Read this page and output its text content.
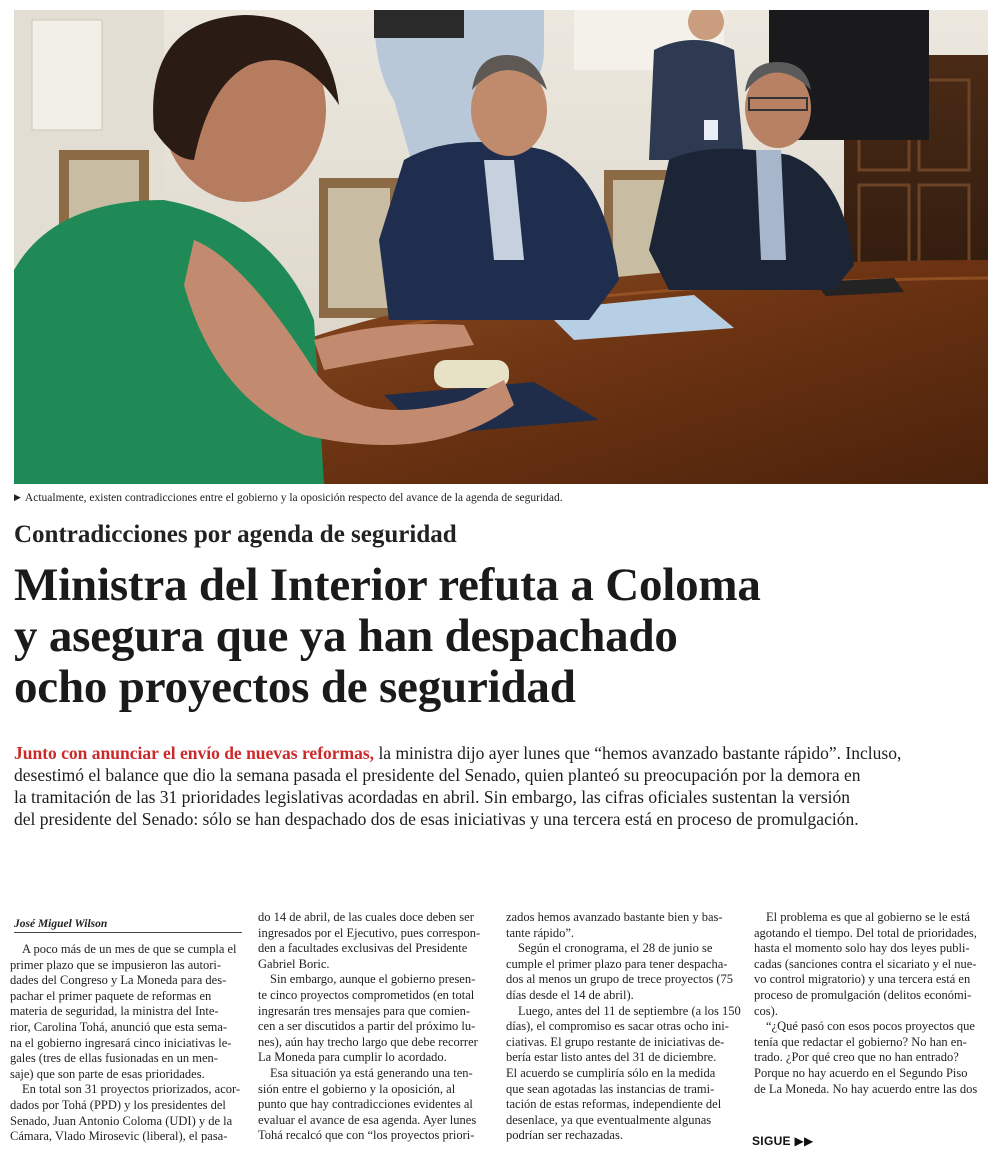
▶ Actualmente, existen contradicciones entre el gobierno y la oposición respecto del avance de la agenda de seguridad.
Contradicciones por agenda de seguridad
Ministra del Interior refuta a Coloma
y asegura que ya han despachado
ocho proyectos de seguridad
Junto con anunciar el envío de nuevas reformas, la ministra dijo ayer lunes que “hemos avanzado bastante rápido”. Incluso,
desestimó el balance que dio la semana pasada el presidente del Senado, quien planteó su preocupación por la demora en
la tramitación de las 31 prioridades legislativas acordadas en abril. Sin embargo, las cifras oficiales sustentan la versión
del presidente del Senado: sólo se han despachado dos de esas iniciativas y una tercera está en proceso de promulgación.
José Miguel Wilson
A poco más de un mes de que se cumpla el
primer plazo que se impusieron las autori-
dades del Congreso y La Moneda para des-
pachar el primer paquete de reformas en
materia de seguridad, la ministra del Inte-
rior, Carolina Tohá, anunció que esta sema-
na el gobierno ingresará cinco iniciativas le-
gales (tres de ellas fusionadas en un men-
saje) que son parte de esas prioridades.
En total son 31 proyectos priorizados, acor-
dados por Tohá (PPD) y los presidentes del
Senado, Juan Antonio Coloma (UDI) y de la
Cámara, Vlado Mirosevic (liberal), el pasa-
do 14 de abril, de las cuales doce deben ser
ingresados por el Ejecutivo, pues correspon-
den a facultades exclusivas del Presidente
Gabriel Boric.
Sin embargo, aunque el gobierno presen-
te cinco proyectos comprometidos (en total
ingresarán tres mensajes para que comien-
cen a ser discutidos a partir del próximo lu-
nes), aún hay trecho largo que debe recorrer
La Moneda para cumplir lo acordado.
Esa situación ya está generando una ten-
sión entre el gobierno y la oposición, al
punto que hay contradicciones evidentes al
evaluar el avance de esa agenda. Ayer lunes
Tohá recalcó que con “los proyectos priori-
zados hemos avanzado bastante bien y bas-
tante rápido”.
Según el cronograma, el 28 de junio se
cumple el primer plazo para tener despacha-
dos al menos un grupo de trece proyectos (75
días desde el 14 de abril).
Luego, antes del 11 de septiembre (a los 150
días), el compromiso es sacar otras ocho ini-
ciativas. El grupo restante de iniciativas de-
bería estar listo antes del 31 de diciembre.
El acuerdo se cumpliría sólo en la medida
que sean agotadas las instancias de trami-
tación de estas reformas, independiente del
desenlace, ya que eventualmente algunas
podrían ser rechazadas.
El problema es que al gobierno se le está
agotando el tiempo. Del total de prioridades,
hasta el momento solo hay dos leyes publi-
cadas (sanciones contra el sicariato y el nue-
vo control migratorio) y una tercera está en
proceso de promulgación (delitos económi-
cos).
“¿Qué pasó con esos pocos proyectos que
tenía que redactar el gobierno? No han en-
trado. ¿Por qué creo que no han entrado?
Porque no hay acuerdo en el Segundo Piso
de La Moneda. No hay acuerdo entre las dos
SIGUE ▶▶
